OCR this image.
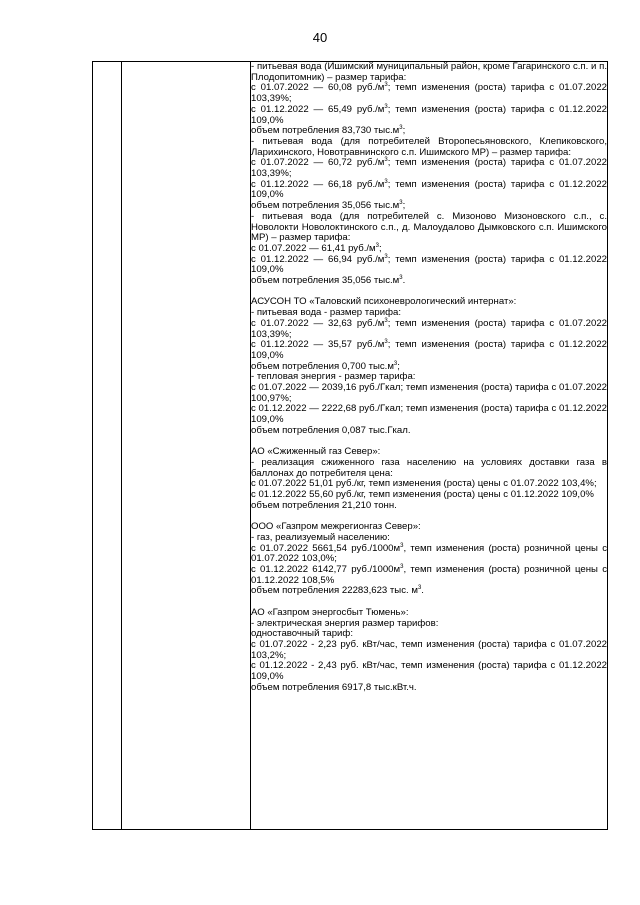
40

- питьевая вода (Ишимский муниципальный район, кроме Гагаринского с.п. и п. Плодопитомник) – размер тарифа:

с 01.07.2022 — 60,08 $руб./м^3$; темп изменения (роста) тарифа с 01.07.2022 103,39%;

с 01.12.2022 — 65,49 $руб./м^3$; темп изменения (роста) тарифа с 01.12.2022 109,0%

объем потребления 83,730 $тыс.м^3$;

- питьевая вода (для потребителей Второпесьяновского, Клепиковского, Ларихинского, Новотравнинского с.п. Ишимского МР) – размер тарифа:

с 01.07.2022 — 60,72 $руб./м^3$; темп изменения (роста) тарифа с 01.07.2022 103,39%;

с 01.12.2022 — 66,18 $руб./м^3$; темп изменения (роста) тарифа с 01.12.2022 109,0%

объем потребления 35,056 $тыс.м^3$;

- питьевая вода (для потребителей с. Мизоново Мизоновского с.п., с. Новолокти Новолоктинского с.п., д. Малоудалово Дымковского с.п. Ишимского МР) – размер тарифа:

с 01.07.2022 — 61,41 $руб./м^3$;

с 01.12.2022 — 66,94 $руб./м^3$; темп изменения (роста) тарифа с 01.12.2022 109,0%

объем потребления 35,056 $тыс.м^3$.

АСУСОН ТО «Таловский психоневрологический интернат»:

- питьевая вода - размер тарифа:

с 01.07.2022 — 32,63 $руб./м^3$; темп изменения (роста) тарифа с 01.07.2022 103,39%;

с 01.12.2022 — 35,57 $руб./м^3$; темп изменения (роста) тарифа с 01.12.2022 109,0%

объем потребления 0,700 $тыс.м^3$;

- тепловая энергия - размер тарифа:

с 01.07.2022 — 2039,16 руб./Гкал; темп изменения (роста) тарифа с 01.07.2022 100,97%;

с 01.12.2022 — 2222,68 руб./Гкал; темп изменения (роста) тарифа с 01.12.2022 109,0%

объем потребления 0,087 тыс.Гкал.

АО «Сжиженный газ Север»:

- реализация сжиженного газа населению на условиях доставки газа в баллонах до потребителя цена:

с 01.07.2022 51,01 руб./кг, темп изменения (роста) цены с 01.07.2022 103,4%;

с 01.12.2022 55,60 руб./кг, темп изменения (роста) цены с 01.12.2022 109,0%

объем потребления 21,210 тонн.

ООО «Газпром межрегионгаз Север»:

- газ, реализуемый населению:

с 01.07.2022 5661,54 $руб./1000м^3$, темп изменения (роста) розничной цены с 01.07.2022 103,0%;

с 01.12.2022 6142,77 $руб./1000м^3$, темп изменения (роста) розничной цены с 01.12.2022 108,5%

объем потребления 22283,623 тыс. $м^3$.

АО «Газпром энергосбыт Тюмень»:

- электрическая энергия размер тарифов:

одноставочный тариф:

с 01.07.2022 - 2,23 руб. кВт/час, темп изменения (роста) тарифа с 01.07.2022 103,2%;

с 01.12.2022 - 2,43 руб. кВт/час, темп изменения (роста) тарифа с 01.12.2022 109,0%

объем потребления 6917,8 тыс.кВт.ч.
